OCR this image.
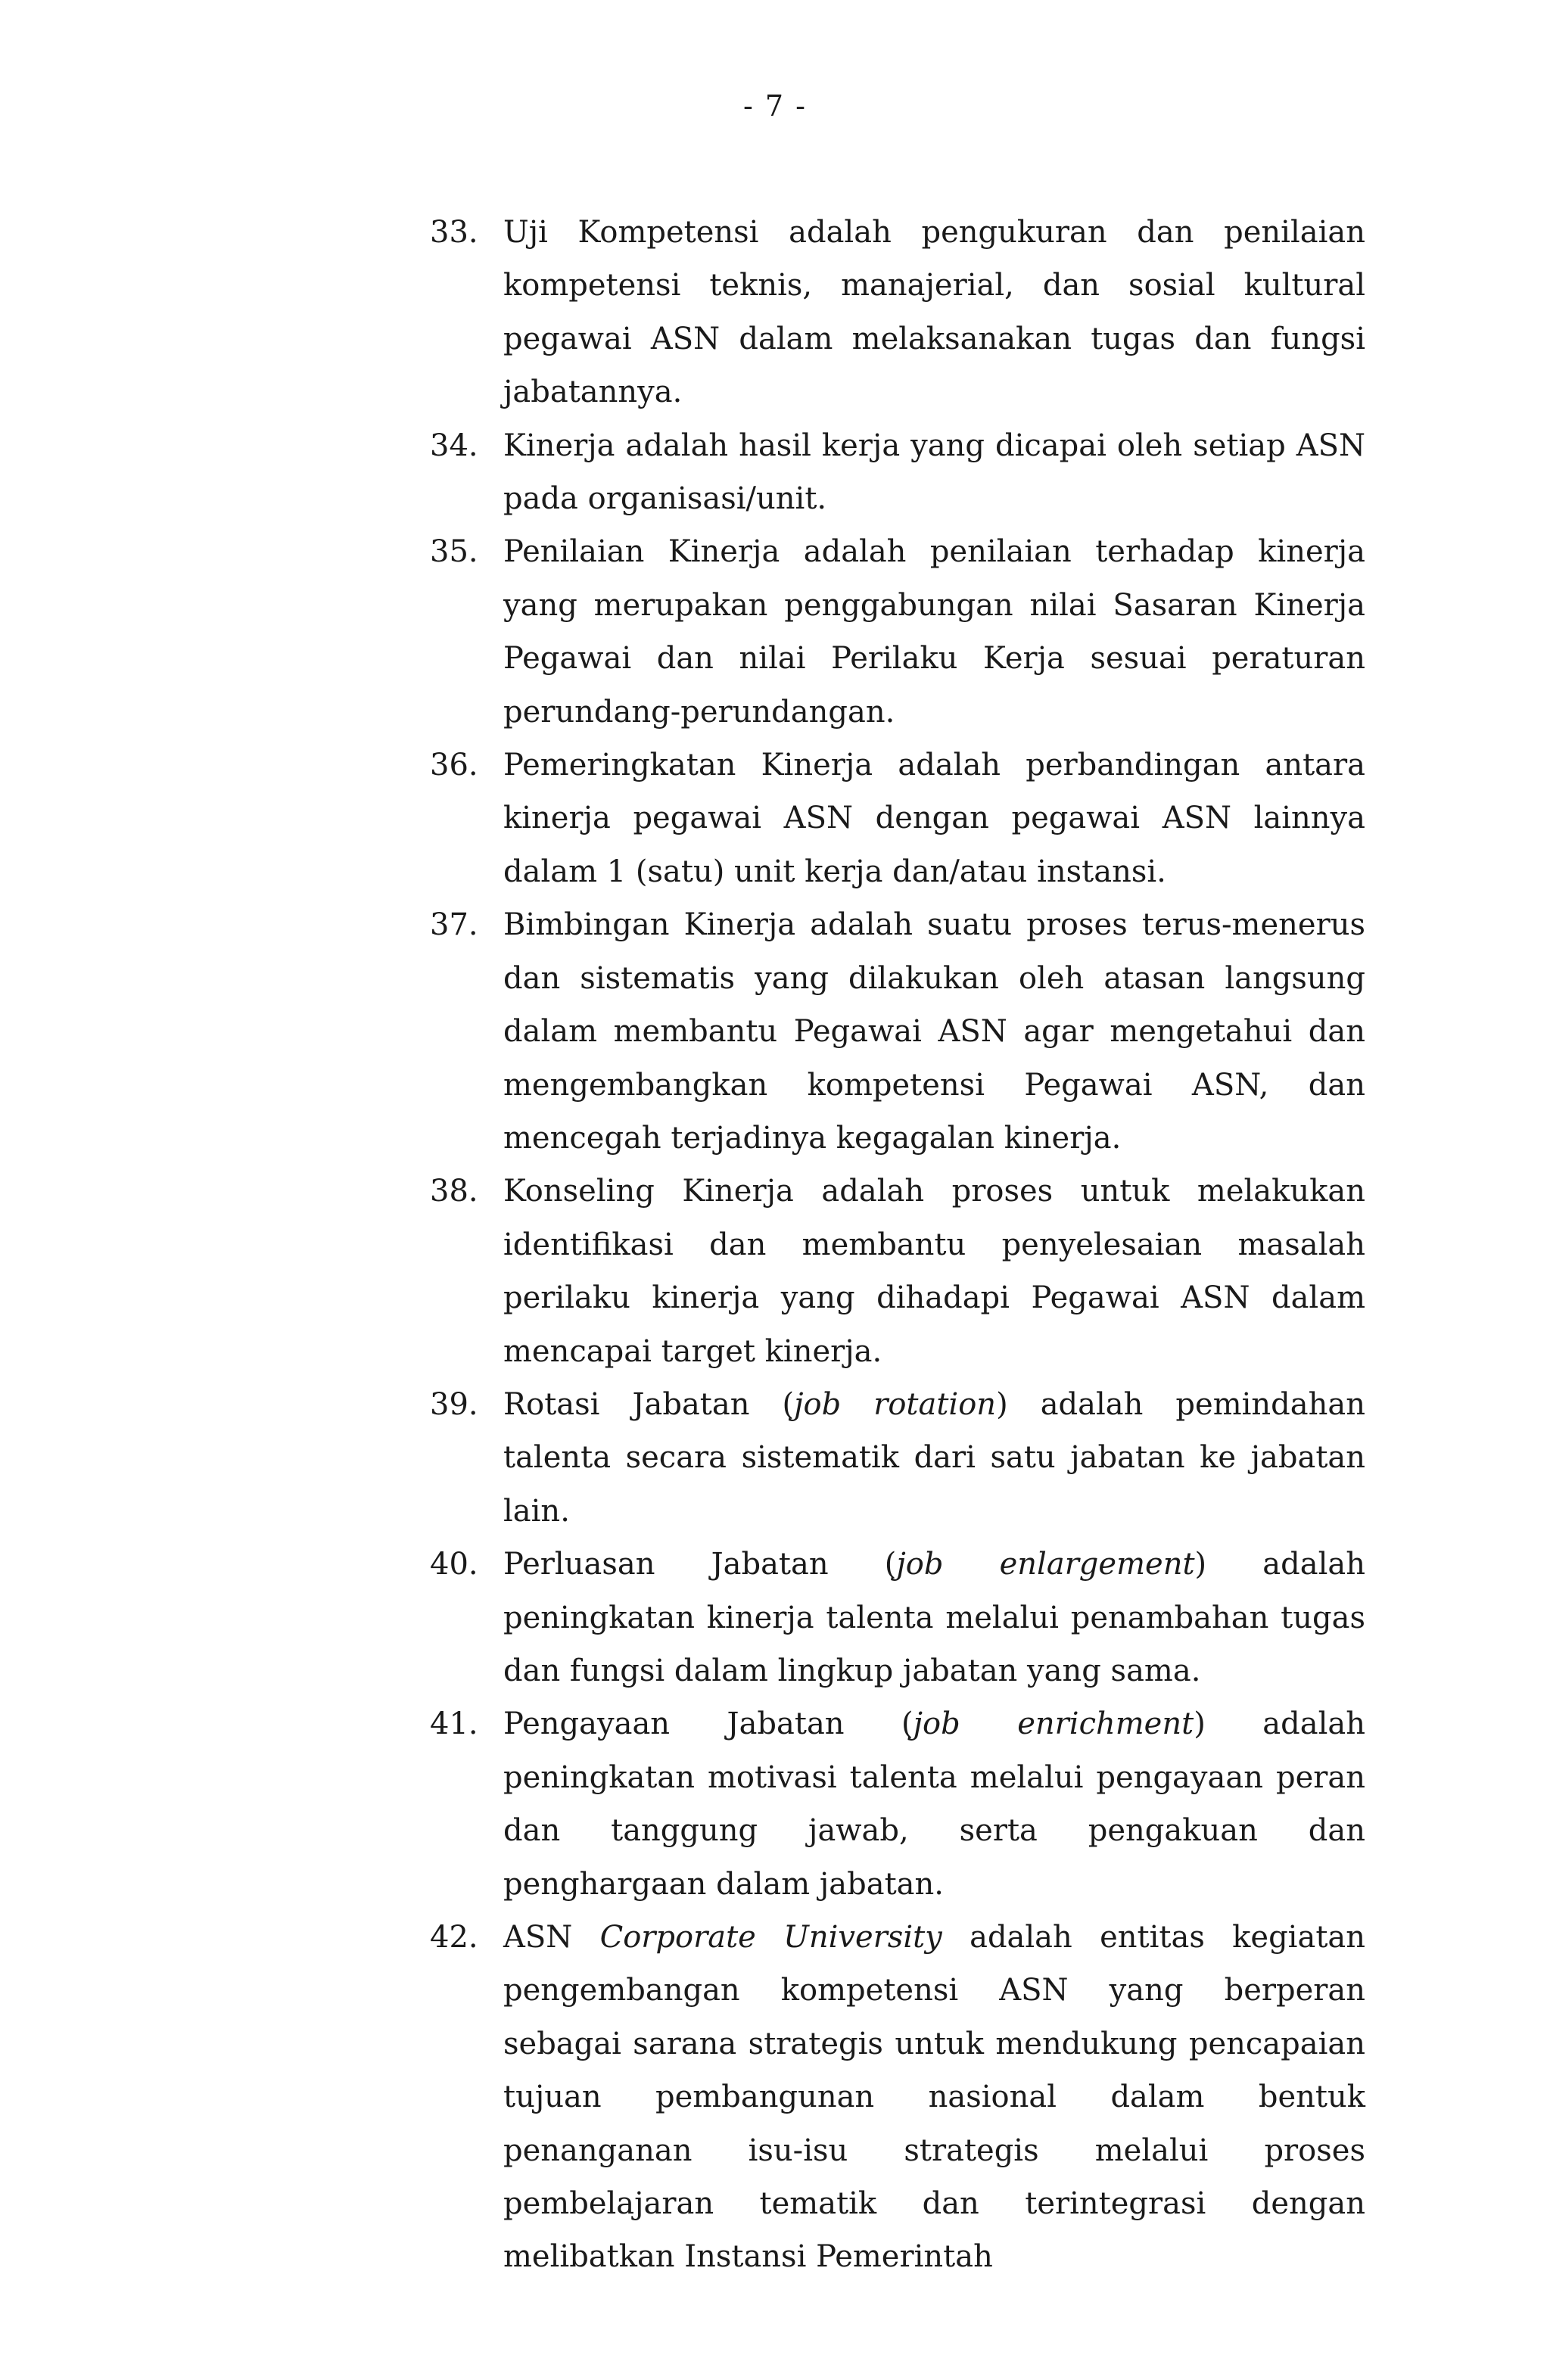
- 7 -
33. Uji Kompetensi adalah pengukuran dan penilaian kompetensi teknis, manajerial, dan sosial kultural pegawai ASN dalam melaksanakan tugas dan fungsi jabatannya.
34. Kinerja adalah hasil kerja yang dicapai oleh setiap ASN pada organisasi/unit.
35. Penilaian Kinerja adalah penilaian terhadap kinerja yang merupakan penggabungan nilai Sasaran Kinerja Pegawai dan nilai Perilaku Kerja sesuai peraturan perundang-perundangan.
36. Pemeringkatan Kinerja adalah perbandingan antara kinerja pegawai ASN dengan pegawai ASN lainnya dalam 1 (satu) unit kerja dan/atau instansi.
37. Bimbingan Kinerja adalah suatu proses terus-menerus dan sistematis yang dilakukan oleh atasan langsung dalam membantu Pegawai ASN agar mengetahui dan mengembangkan kompetensi Pegawai ASN, dan mencegah terjadinya kegagalan kinerja.
38. Konseling Kinerja adalah proses untuk melakukan identifikasi dan membantu penyelesaian masalah perilaku kinerja yang dihadapi Pegawai ASN dalam mencapai target kinerja.
39. Rotasi Jabatan (job rotation) adalah pemindahan talenta secara sistematik dari satu jabatan ke jabatan lain.
40. Perluasan Jabatan (job enlargement) adalah peningkatan kinerja talenta melalui penambahan tugas dan fungsi dalam lingkup jabatan yang sama.
41. Pengayaan Jabatan (job enrichment) adalah peningkatan motivasi talenta melalui pengayaan peran dan tanggung jawab, serta pengakuan dan penghargaan dalam jabatan.
42. ASN Corporate University adalah entitas kegiatan pengembangan kompetensi ASN yang berperan sebagai sarana strategis untuk mendukung pencapaian tujuan pembangunan nasional dalam bentuk penanganan isu-isu strategis melalui proses pembelajaran tematik dan terintegrasi dengan melibatkan Instansi Pemerintah
